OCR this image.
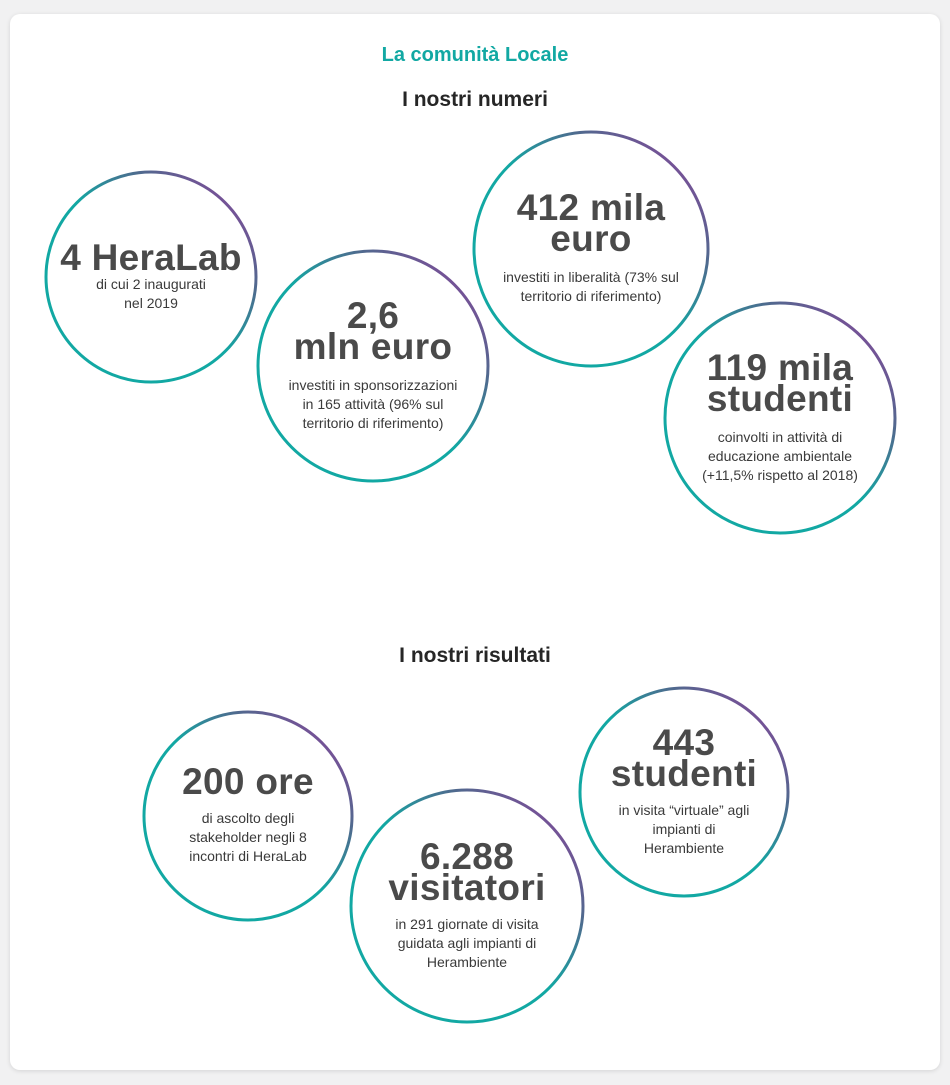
La comunità Locale
I nostri numeri
I nostri risultati
4 HeraLab
di cui 2 inaugurati
nel 2019	2,6
mln euro
investiti in sponsorizzazioni
in 165 attività (96% sul
territorio di riferimento)
412 mila
euro
investiti in liberalità (73% sul
territorio di riferimento)
119 mila
studenti
coinvolti in attività di
educazione ambientale
(+11,5% rispetto al 2018)
200 ore
di ascolto degli
stakeholder negli 8
incontri di HeraLab	6.288
visitatori
in 291 giornate di visita
guidata agli impianti di
Herambiente
443
studenti
in visita “virtuale” agli
impianti di
Herambiente
